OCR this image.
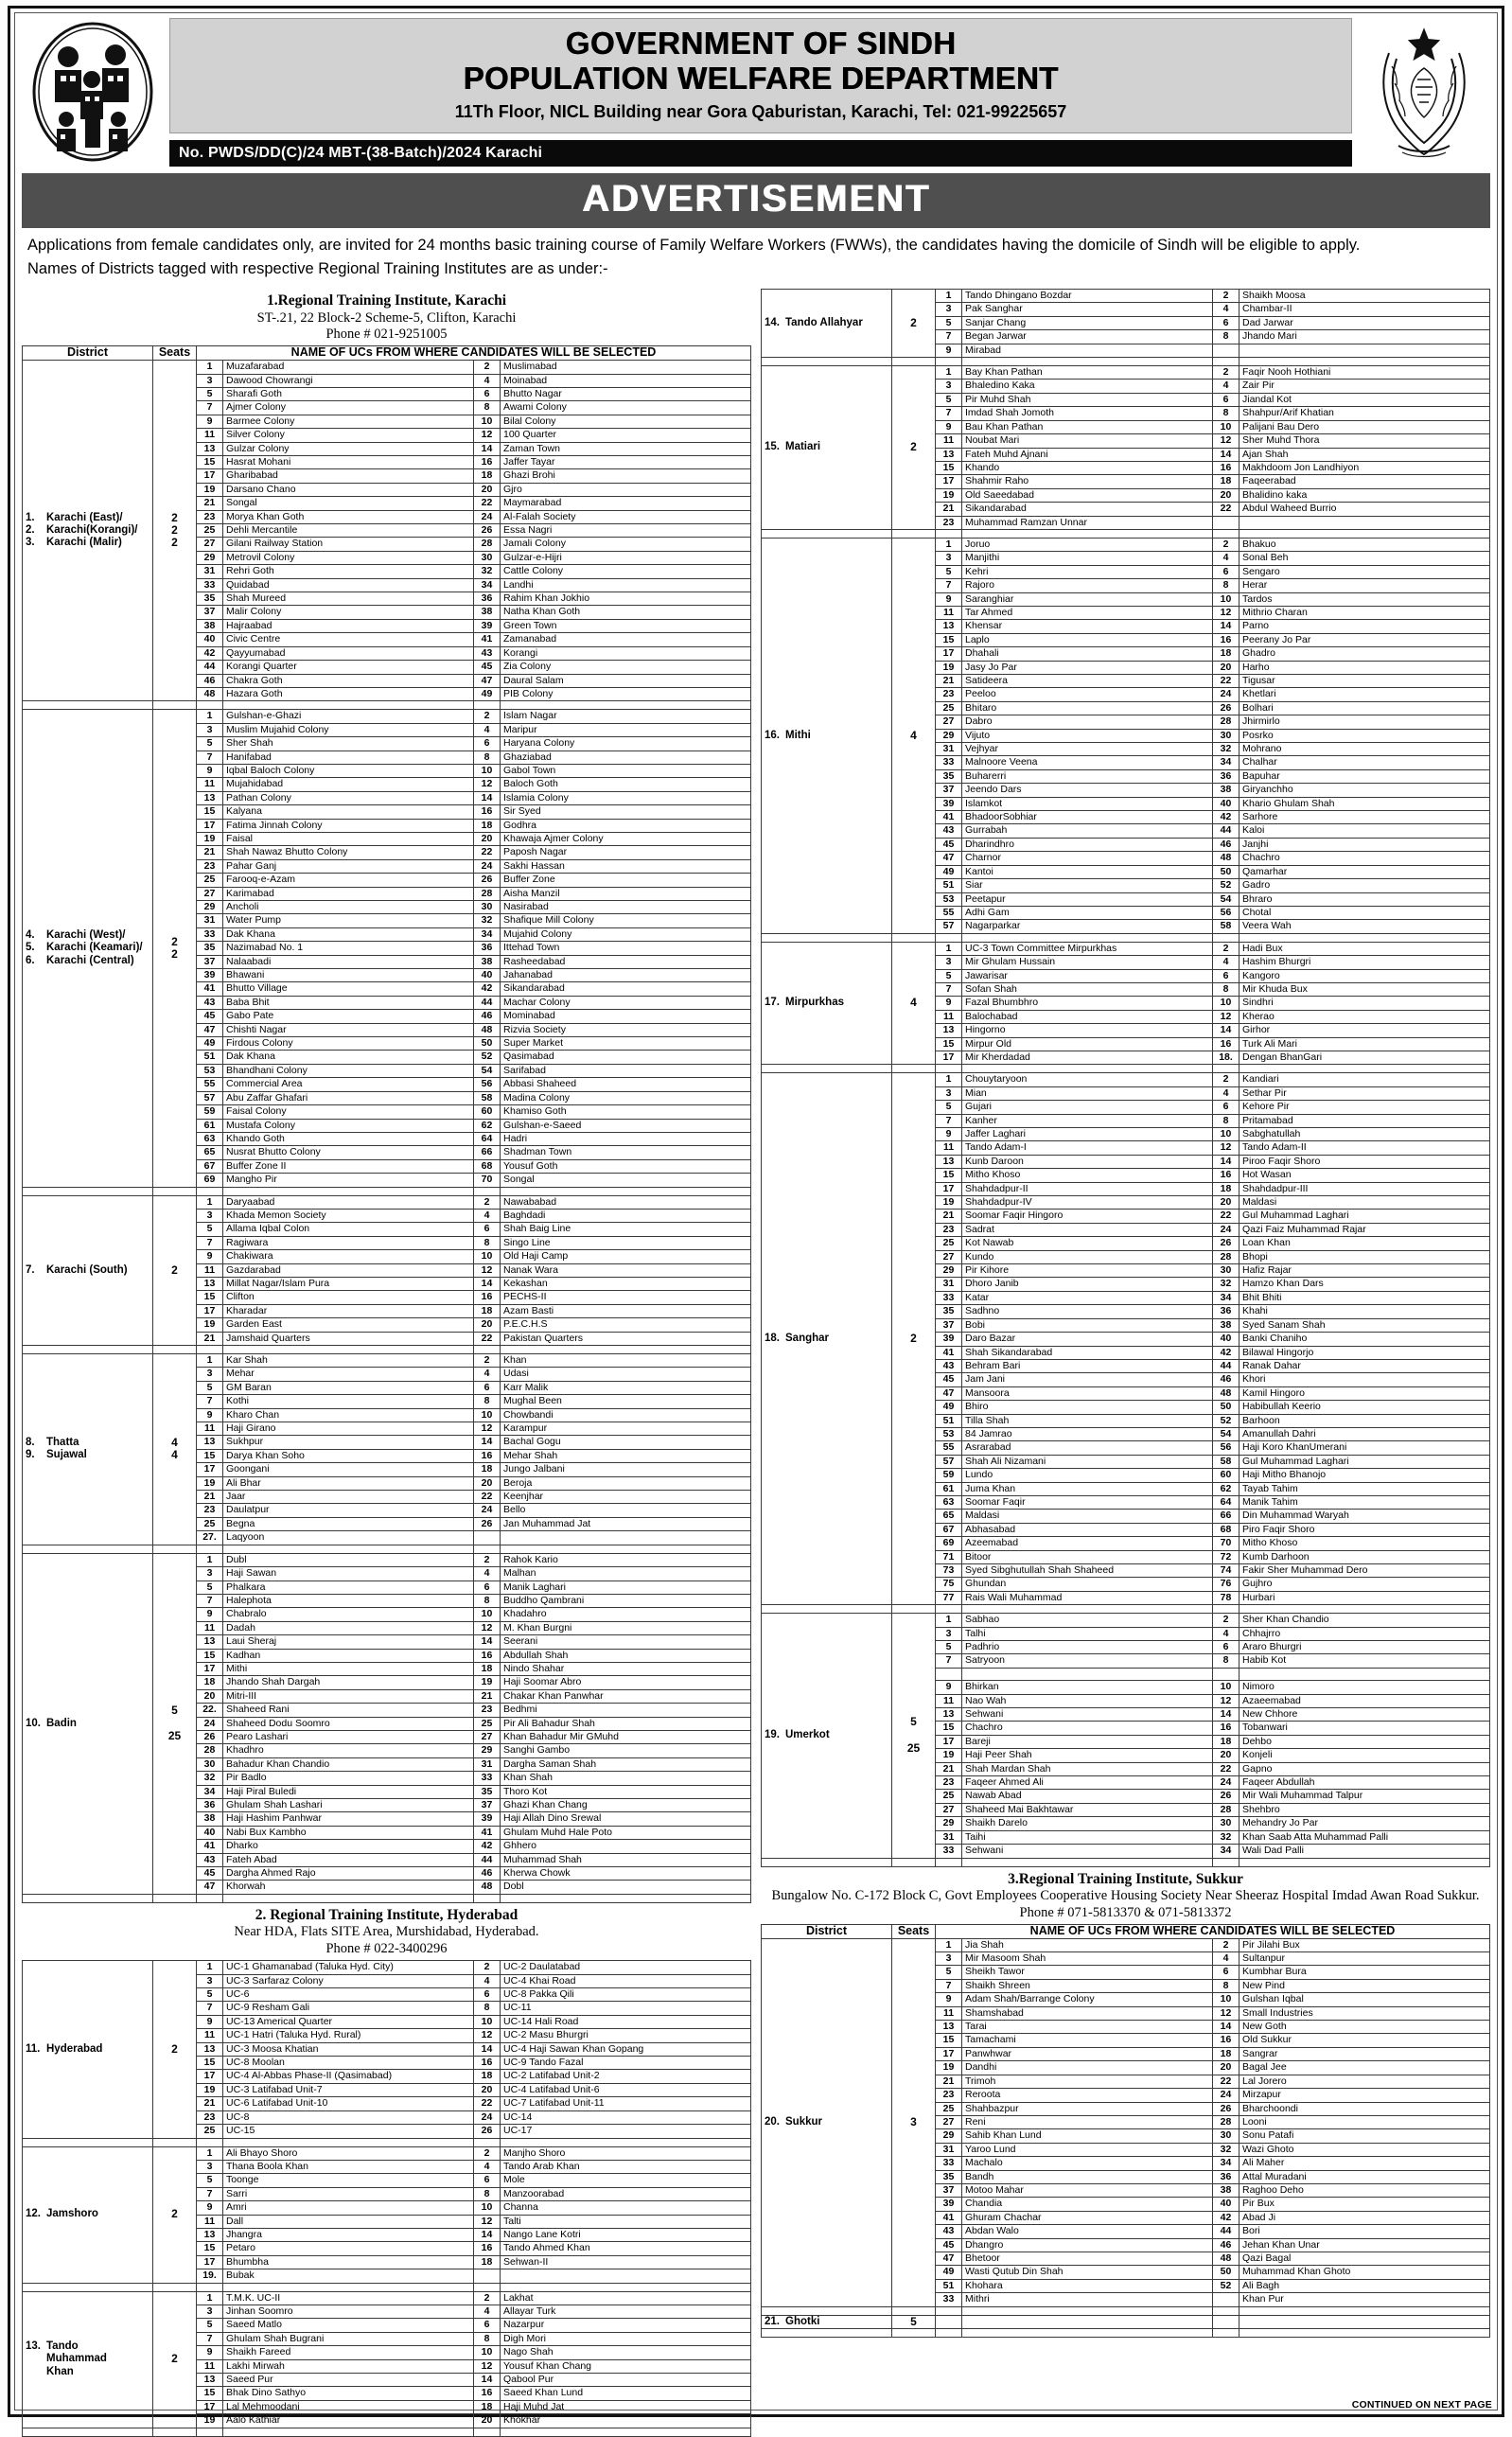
GOVERNMENT OF SINDH
POPULATION WELFARE DEPARTMENT
11Th Floor, NICL Building near Gora Qaburistan, Karachi, Tel: 021-99225657
No. PWDS/DD(C)/24 MBT-(38-Batch)/2024 Karachi
ADVERTISEMENT

Applications from female candidates only, are invited for 24 months basic training course of Family Welfare Workers (FWWs), the candidates having the domicile of Sindh will be eligible to apply.

Names of Districts tagged with respective Regional Training Institutes are as under:-

1.Regional Training Institute, Karachi
ST-.21, 22 Block-2 Scheme-5, Clifton, Karachi
Phone # 021-9251005
District	Seats	NAME OF UCs FROM WHERE CANDIDATES WILL BE SELECTED			

1.	Karachi (East)/
2.	Karachi(Korangi)/
3.	Karachi (Malir)

2
2
2
	1	Muzafarabad	2	Muslimabad
		3	Dawood Chowrangi	4	Moinabad
		5	Sharafi Goth	6	Bhutto Nagar
		7	Ajmer Colony	8	Awami Colony
		9	Barmee Colony	10	Bilal Colony
		11	Silver Colony	12	100 Quarter
		13	Gulzar Colony	14	Zaman Town
		15	Hasrat Mohani	16	Jaffer Tayar
		17	Gharibabad	18	Ghazi Brohi
		19	Darsano Chano	20	Gjro
		21	Songal	22	Maymarabad
		23	Morya Khan Goth	24	Al-Falah Society
		25	Dehli Mercantile	26	Essa Nagri
		27	Gilani Railway Station	28	Jamali Colony
		29	Metrovil Colony	30	Gulzar-e-Hijri
		31	Rehri Goth	32	Cattle Colony
		33	Quidabad	34	Landhi
		35	Shah Mureed	36	Rahim Khan Jokhio
		37	Malir Colony	38	Natha Khan Goth
		38	Hajraabad	39	Green Town
		40	Civic Centre	41	Zamanabad
		42	Qayyumabad	43	Korangi
		44	Korangi Quarter	45	Zia Colony
		46	Chakra Goth	47	Daural Salam
		48	Hazara Goth	49	PIB Colony

4.	Karachi (West)/
5.	Karachi (Keamari)/
6.	Karachi (Central)

2
2
	1	Gulshan-e-Ghazi	2	Islam Nagar
		3	Muslim Mujahid Colony	4	Maripur
		5	Sher Shah	6	Haryana Colony
		7	Hanifabad	8	Ghaziabad
		9	Iqbal Baloch Colony	10	Gabol Town
		11	Mujahidabad	12	Baloch Goth
		13	Pathan Colony	14	Islamia Colony
		15	Kalyana	16	Sir Syed
		17	Fatima Jinnah Colony	18	Godhra
		19	Faisal	20	Khawaja Ajmer Colony
		21	Shah Nawaz Bhutto Colony	22	Paposh Nagar
		23	Pahar Ganj	24	Sakhi Hassan
		25	Farooq-e-Azam	26	Buffer Zone
		27	Karimabad	28	Aisha Manzil
		29	Ancholi	30	Nasirabad
		31	Water Pump	32	Shafique Mill Colony
		33	Dak Khana	34	Mujahid Colony
		35	Nazimabad No. 1	36	Ittehad Town
		37	Nalaabadi	38	Rasheedabad
		39	Bhawani	40	Jahanabad
		41	Bhutto Village	42	Sikandarabad
		43	Baba Bhit	44	Machar Colony
		45	Gabo Pate	46	Mominabad
		47	Chishti Nagar	48	Rizvia Society
		49	Firdous Colony	50	Super Market
		51	Dak Khana	52	Qasimabad
		53	Bhandhani Colony	54	Sarifabad
		55	Commercial Area	56	Abbasi Shaheed
		57	Abu Zaffar Ghafari	58	Madina Colony
		59	Faisal Colony	60	Khamiso Goth
		61	Mustafa Colony	62	Gulshan-e-Saeed
		63	Khando Goth	64	Hadri
		65	Nusrat Bhutto Colony	66	Shadman Town
		67	Buffer Zone II	68	Yousuf Goth
		69	Mangho Pir	70	Songal

7. Karachi (South)	2	1	Daryaabad	2	Nawababad
		3	Khada Memon Society	4	Baghdadi
		5	Allama Iqbal Colon	6	Shah Baig Line
		7	Ragiwara	8	Singo Line
		9	Chakiwara	10	Old Haji Camp
		11	Gazdarabad	12	Nanak Wara
		13	Millat Nagar/Islam Pura	14	Kekashan
		15	Clifton	16	PECHS-II
		17	Kharadar	18	Azam Basti
		19	Garden East	20	P.E.C.H.S
		21	Jamshaid Quarters	22	Pakistan Quarters

8.	Thatta
9.	Sujawal

4
4
	1	Kar Shah	2	Khan
		3	Mehar	4	Udasi
		5	GM Baran	6	Karr Malik
		7	Kothi	8	Mughal Been
		9	Kharo Chan	10	Chowbandi
		11	Haji Girano	12	Karampur
		13	Sukhpur	14	Bachal Gogu
		15	Darya Khan Soho	16	Mehar Shah
		17	Goongani	18	Jungo Jalbani
		19	Ali Bhar	20	Beroja
		21	Jaar	22	Keenjhar
		23	Daulatpur	24	Bello
		25	Begna	26	Jan Muhammad Jat
		27.	Laqyoon		

10. Badin

5
25
	1	Dubl	2	Rahok Kario
		3	Haji Sawan	4	Malhan
		5	Phalkara	6	Manik Laghari
		7	Halephota	8	Buddho Qambrani
		9	Chabralo	10	Khadahro
		11	Dadah	12	M. Khan Burgni
		13	Laui Sheraj	14	Seerani
		15	Kadhan	16	Abdullah Shah
		17	Mithi	18	Nindo Shahar
		18	Jhando Shah Dargah	19	Haji Soomar Abro
		20	Mitri-III	21	Chakar Khan Panwhar
		22.	Shaheed Rani	23	Bedhmi
		24	Shaheed Dodu Soomro	25	Pir Ali Bahadur Shah
		26	Pearo Lashari	27	Khan Bahadur Mir GMuhd
		28	Khadhro	29	Sanghi Gambo
		30	Bahadur Khan Chandio	31	Dargha Saman Shah
		32	Pir Badlo	33	Khan Shah
		34	Haji Piral Buledi	35	Thoro Kot
		36	Ghulam Shah Lashari	37	Ghazi Khan Chang
		38	Haji Hashim Panhwar	39	Haji Allah Dino Srewal
		40	Nabi Bux Kambho	41	Ghulam Muhd Hale Poto
		41	Dharko	42	Ghhero
		43	Fateh Abad	44	Muhammad Shah
		45	Dargha Ahmed Rajo	46	Kherwa Chowk
		47	Khorwah	48	Dobl

2. Regional Training Institute, Hyderabad
Near HDA, Flats SITE Area, Murshidabad, Hyderabad.
Phone # 022-3400296
11. Hyderabad	2	1	UC-1 Ghamanabad (Taluka Hyd. City)	2	UC-2 Daulatabad
		3	UC-3 Sarfaraz Colony	4	UC-4 Khai Road
		5	UC-6	6	UC-8 Pakka Qili
		7	UC-9 Resham Gali	8	UC-11
		9	UC-13 Americal Quarter	10	UC-14 Hali Road
		11	UC-1 Hatri (Taluka Hyd. Rural)	12	UC-2 Masu Bhurgri
		13	UC-3 Moosa Khatian	14	UC-4 Haji Sawan Khan Gopang
		15	UC-8 Moolan	16	UC-9 Tando Fazal
		17	UC-4 Al-Abbas Phase-II (Qasimabad)	18	UC-2 Latifabad Unit-2
		19	UC-3 Latifabad Unit-7	20	UC-4 Latifabad Unit-6
		21	UC-6 Latifabad Unit-10	22	UC-7 Latifabad Unit-11
		23	UC-8	24	UC-14
		25	UC-15	26	UC-17

12. Jamshoro	2	1	Ali Bhayo Shoro	2	Manjho Shoro
		3	Thana Boola Khan	4	Tando Arab Khan
		5	Toonge	6	Mole
		7	Sarri	8	Manzoorabad
		9	Amri	10	Channa
		11	Dall	12	Talti
		13	Jhangra	14	Nango Lane Kotri
		15	Petaro	16	Tando Ahmed Khan
		17	Bhumbha	18	Sehwan-II
		19.	Bubak		

13. Tando
Muhammad
Khan	2	1	T.M.K. UC-II	2	Lakhat
		3	Jinhan Soomro	4	Allayar Turk
		5	Saeed Matlo	6	Nazarpur
		7	Ghulam Shah Bugrani	8	Digh Mori
		9	Shaikh Fareed	10	Nago Shah
		11	Lakhi Mirwah	12	Yousuf Khan Chang
		13	Saeed Pur	14	Qabool Pur
		15	Bhak Dino Sathyo	16	Saeed Khan Lund
		17	Lal Mehmoodani	18	Haji Muhd Jat
		19	Aalo Kathiar	20	Khokhar

14. Tando Allahyar	2	1	Tando Dhingano Bozdar	2	Shaikh Moosa
		3	Pak Sanghar	4	Chambar-II
		5	Sanjar Chang	6	Dad Jarwar
		7	Began Jarwar	8	Jhando Mari
		9	Mirabad		

15. Matiari	2	1	Bay Khan Pathan	2	Faqir Nooh Hothiani
		3	Bhaledino Kaka	4	Zair Pir
		5	Pir Muhd Shah	6	Jiandal Kot
		7	Imdad Shah Jomoth	8	Shahpur/Arif Khatian
		9	Bau Khan Pathan	10	Palijani Bau Dero
		11	Noubat Mari	12	Sher Muhd Thora
		13	Fateh Muhd Ajnani	14	Ajan Shah
		15	Khando	16	Makhdoom Jon Landhiyon
		17	Shahmir Raho	18	Faqeerabad
		19	Old Saeedabad	20	Bhalidino kaka
		21	Sikandarabad	22	Abdul Waheed Burrio
		23	Muhammad Ramzan Unnar		

16. Mithi	4	1	Joruo	2	Bhakuo
		3	Manjithi	4	Sonal Beh
		5	Kehri	6	Sengaro
		7	Rajoro	8	Herar
		9	Saranghiar	10	Tardos
		11	Tar Ahmed	12	Mithrio Charan
		13	Khensar	14	Parno
		15	Laplo	16	Peerany Jo Par
		17	Dhahali	18	Ghadro
		19	Jasy Jo Par	20	Harho
		21	Satideera	22	Tigusar
		23	Peeloo	24	Khetlari
		25	Bhitaro	26	Bolhari
		27	Dabro	28	Jhirmirlo
		29	Vijuto	30	Posrko
		31	Vejhyar	32	Mohrano
		33	Malnoore Veena	34	Chalhar
		35	Buharerri	36	Bapuhar
		37	Jeendo Dars	38	Giryanchho
		39	Islamkot	40	Khario Ghulam Shah
		41	BhadoorSobhiar	42	Sarhore
		43	Gurrabah	44	Kaloi
		45	Dharindhro	46	Janjhi
		47	Charnor	48	Chachro
		49	Kantoi	50	Qamarhar
		51	Siar	52	Gadro
		53	Peetapur	54	Bhraro
		55	Adhi Gam	56	Chotal
		57	Nagarparkar	58	Veera Wah

17. Mirpurkhas	4	1	UC-3 Town Committee Mirpurkhas	2	Hadi Bux
		3	Mir Ghulam Hussain	4	Hashim Bhurgri
		5	Jawarisar	6	Kangoro
		7	Sofan Shah	8	Mir Khuda Bux
		9	Fazal Bhumbhro	10	Sindhri
		11	Balochabad	12	Kherao
		13	Hingorno	14	Girhor
		15	Mirpur Old	16	Turk Ali Mari
		17	Mir Kherdadad	18.	Dengan BhanGari

18. Sanghar	2	1	Chouytaryoon	2	Kandiari
		3	Mian	4	Sethar Pir
		5	Gujari	6	Kehore Pir
		7	Kanher	8	Pritamabad
		9	Jaffer Laghari	10	Sabghatullah
		11	Tando Adam-I	12	Tando Adam-II
		13	Kunb Daroon	14	Piroo Faqir Shoro
		15	Mitho Khoso	16	Hot Wasan
		17	Shahdadpur-II	18	Shahdadpur-III
		19	Shahdadpur-IV	20	Maldasi
		21	Soomar Faqir Hingoro	22	Gul Muhammad Laghari
		23	Sadrat	24	Qazi Faiz Muhammad Rajar
		25	Kot Nawab	26	Loan Khan
		27	Kundo	28	Bhopi
		29	Pir Kihore	30	Hafiz Rajar
		31	Dhoro Janib	32	Hamzo Khan Dars
		33	Katar	34	Bhit Bhiti
		35	Sadhno	36	Khahi
		37	Bobi	38	Syed Sanam Shah
		39	Daro Bazar	40	Banki Chaniho
		41	Shah Sikandarabad	42	Bilawal Hingorjo
		43	Behram Bari	44	Ranak Dahar
		45	Jam Jani	46	Khori
		47	Mansoora	48	Kamil Hingoro
		49	Bhiro	50	Habibullah Keerio
		51	Tilla Shah	52	Barhoon
		53	84 Jamrao	54	Amanullah Dahri
		55	Asrarabad	56	Haji Koro KhanUmerani
		57	Shah Ali Nizamani	58	Gul Muhammad Laghari
		59	Lundo	60	Haji Mitho Bhanojo
		61	Juma Khan	62	Tayab Tahim
		63	Soomar Faqir	64	Manik Tahim
		65	Maldasi	66	Din Muhammad Waryah
		67	Abhasabad	68	Piro Faqir Shoro
		69	Azeemabad	70	Mitho Khoso
		71	Bitoor	72	Kumb Darhoon
		73	Syed Sibghutullah Shah Shaheed	74	Fakir Sher Muhammad Dero
		75	Ghundan	76	Gujhro
		77	Rais Wali Muhammad	78	Hurbari

19. Umerkot

5
25
	1	Sabhao	2	Sher Khan Chandio
		3	Talhi	4	Chhajrro
		5	Padhrio	6	Araro Bhurgri
		7	Satryoon	8	Habib Kot

		9	Bhirkan	10	Nimoro
		11	Nao Wah	12	Azaeemabad
		13	Sehwani	14	New Chhore
		15	Chachro	16	Tobanwari
		17	Bareji	18	Dehbo
		19	Haji Peer Shah	20	Konjeli
		21	Shah Mardan Shah	22	Gapno
		23	Faqeer Ahmed Ali	24	Faqeer Abdullah
		25	Nawab Abad	26	Mir Wali Muhammad Talpur
		27	Shaheed Mai Bakhtawar	28	Shehbro
		29	Shaikh Darelo	30	Mehandry Jo Par
		31	Taihi	32	Khan Saab Atta Muhammad Palli
		33	Sehwani	34	Wali Dad Palli

3.Regional Training Institute, Sukkur
Bungalow No. C-172 Block C, Govt Employees Cooperative Housing Society Near Sheeraz Hospital Imdad Awan Road Sukkur.
Phone # 071-5813370 & 071-5813372
District	Seats	NAME OF UCs FROM WHERE CANDIDATES WILL BE SELECTED			

20. Sukkur	3	1	Jia Shah	2	Pir Jilahi Bux
		3	Mir Masoom Shah	4	Sultanpur
		5	Sheikh Tawor	6	Kumbhar Bura
		7	Shaikh Shreen	8	New Pind
		9	Adam Shah/Barrange Colony	10	Gulshan Iqbal
		11	Shamshabad	12	Small Industries
		13	Tarai	14	New Goth
		15	Tamachami	16	Old Sukkur
		17	Panwhwar	18	Sangrar
		19	Dandhi	20	Bagal Jee
		21	Trimoh	22	Lal Jorero
		23	Reroota	24	Mirzapur
		25	Shahbazpur	26	Bharchoondi
		27	Reni	28	Looni
		29	Sahib Khan Lund	30	Sonu Patafi
		31	Yaroo Lund	32	Wazi Ghoto
		33	Machalo	34	Ali Maher
		35	Bandh	36	Attal Muradani
		37	Motoo Mahar	38	Raghoo Deho
		39	Chandia	40	Pir Bux
		41	Ghuram Chachar	42	Abad Ji
		43	Abdan Walo	44	Bori
		45	Dhangro	46	Jehan Khan Unar
		47	Bhetoor	48	Qazi Bagal
		49	Wasti Qutub Din Shah	50	Muhammad Khan Ghoto
		51	Khohara	52	Ali Bagh
		33	Mithri		Khan Pur

21. Ghotki	5				

CONTINUED ON NEXT PAGE
